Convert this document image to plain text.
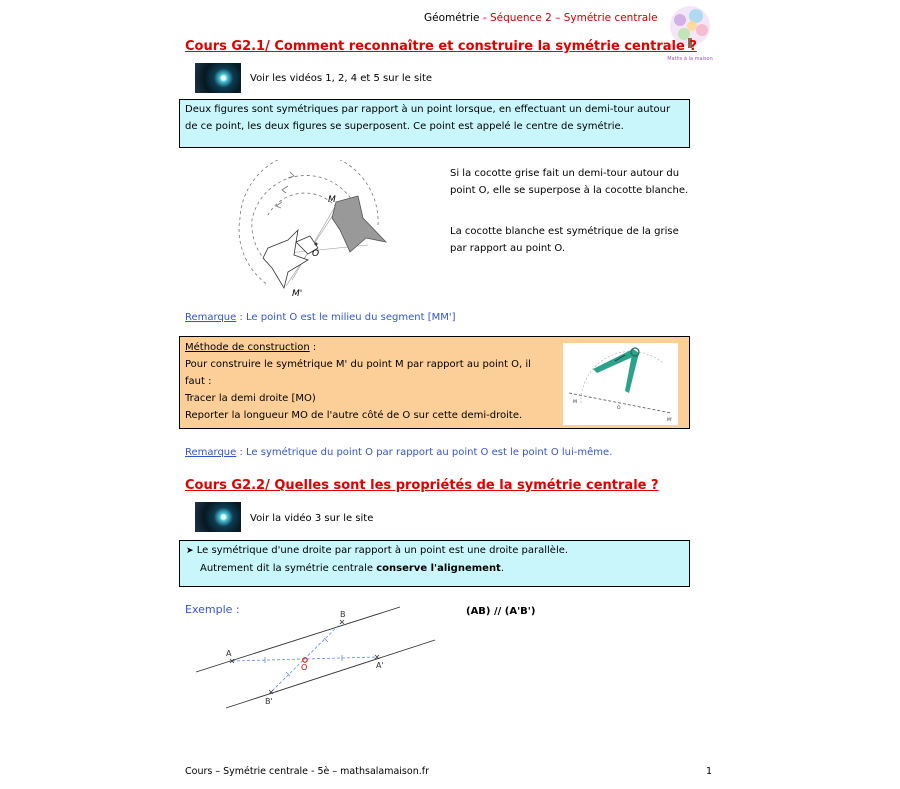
Géométrie - Séquence 2 – Symétrie centrale
Maths à la maison
Cours G2.1/ Comment reconnaître et construire la symétrie centrale ?
Voir les vidéos 1, 2, 4 et 5 sur le site
Deux figures sont symétriques par rapport à un point lorsque, en effectuant un demi-tour autour de ce point, les deux figures se superposent. Ce point est appelé le centre de symétrie.
M
O
M'
Si la cocotte grise fait un demi-tour autour du point O, elle se superpose à la cocotte blanche.
La cocotte blanche est symétrique de la grise par rapport au point O.
Remarque : Le point O est le milieu du segment [MM']
Méthode de construction :
Pour construire le symétrique M' du point M par rapport au point O, il faut :
Tracer la demi droite [MO)
Reporter la longueur MO de l'autre côté de O sur cette demi-droite.
M
O
M'
Remarque : Le symétrique du point O par rapport au point O est le point O lui-même.
Cours G2.2/ Quelles sont les propriétés de la symétrie centrale ?
Voir la vidéo 3 sur le site
➤ Le symétrique d'une droite par rapport à un point est une droite parallèle.
Autrement dit la symétrie centrale conserve l'alignement.
Exemple :	(AB) // (A'B')
A
B
O	A'
B'
Cours – Symétrie centrale - 5è – mathsalamaison.fr	1
